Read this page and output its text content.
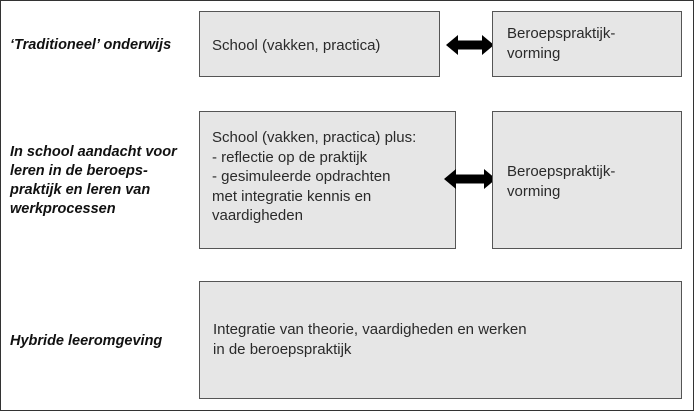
‘Traditioneel’ onderwijs	School (vakken, practica)
Beroepspraktijk-
vorming
In school aandacht voor
leren in de beroeps-
praktijk en leren van
werkprocessen
School (vakken, practica) plus:
- reflectie op de praktijk
- gesimuleerde opdrachten
met integratie kennis en
vaardigheden
Beroepspraktijk-
vorming
Hybride leeromgeving
Integratie van theorie, vaardigheden en werken
in de beroepspraktijk
